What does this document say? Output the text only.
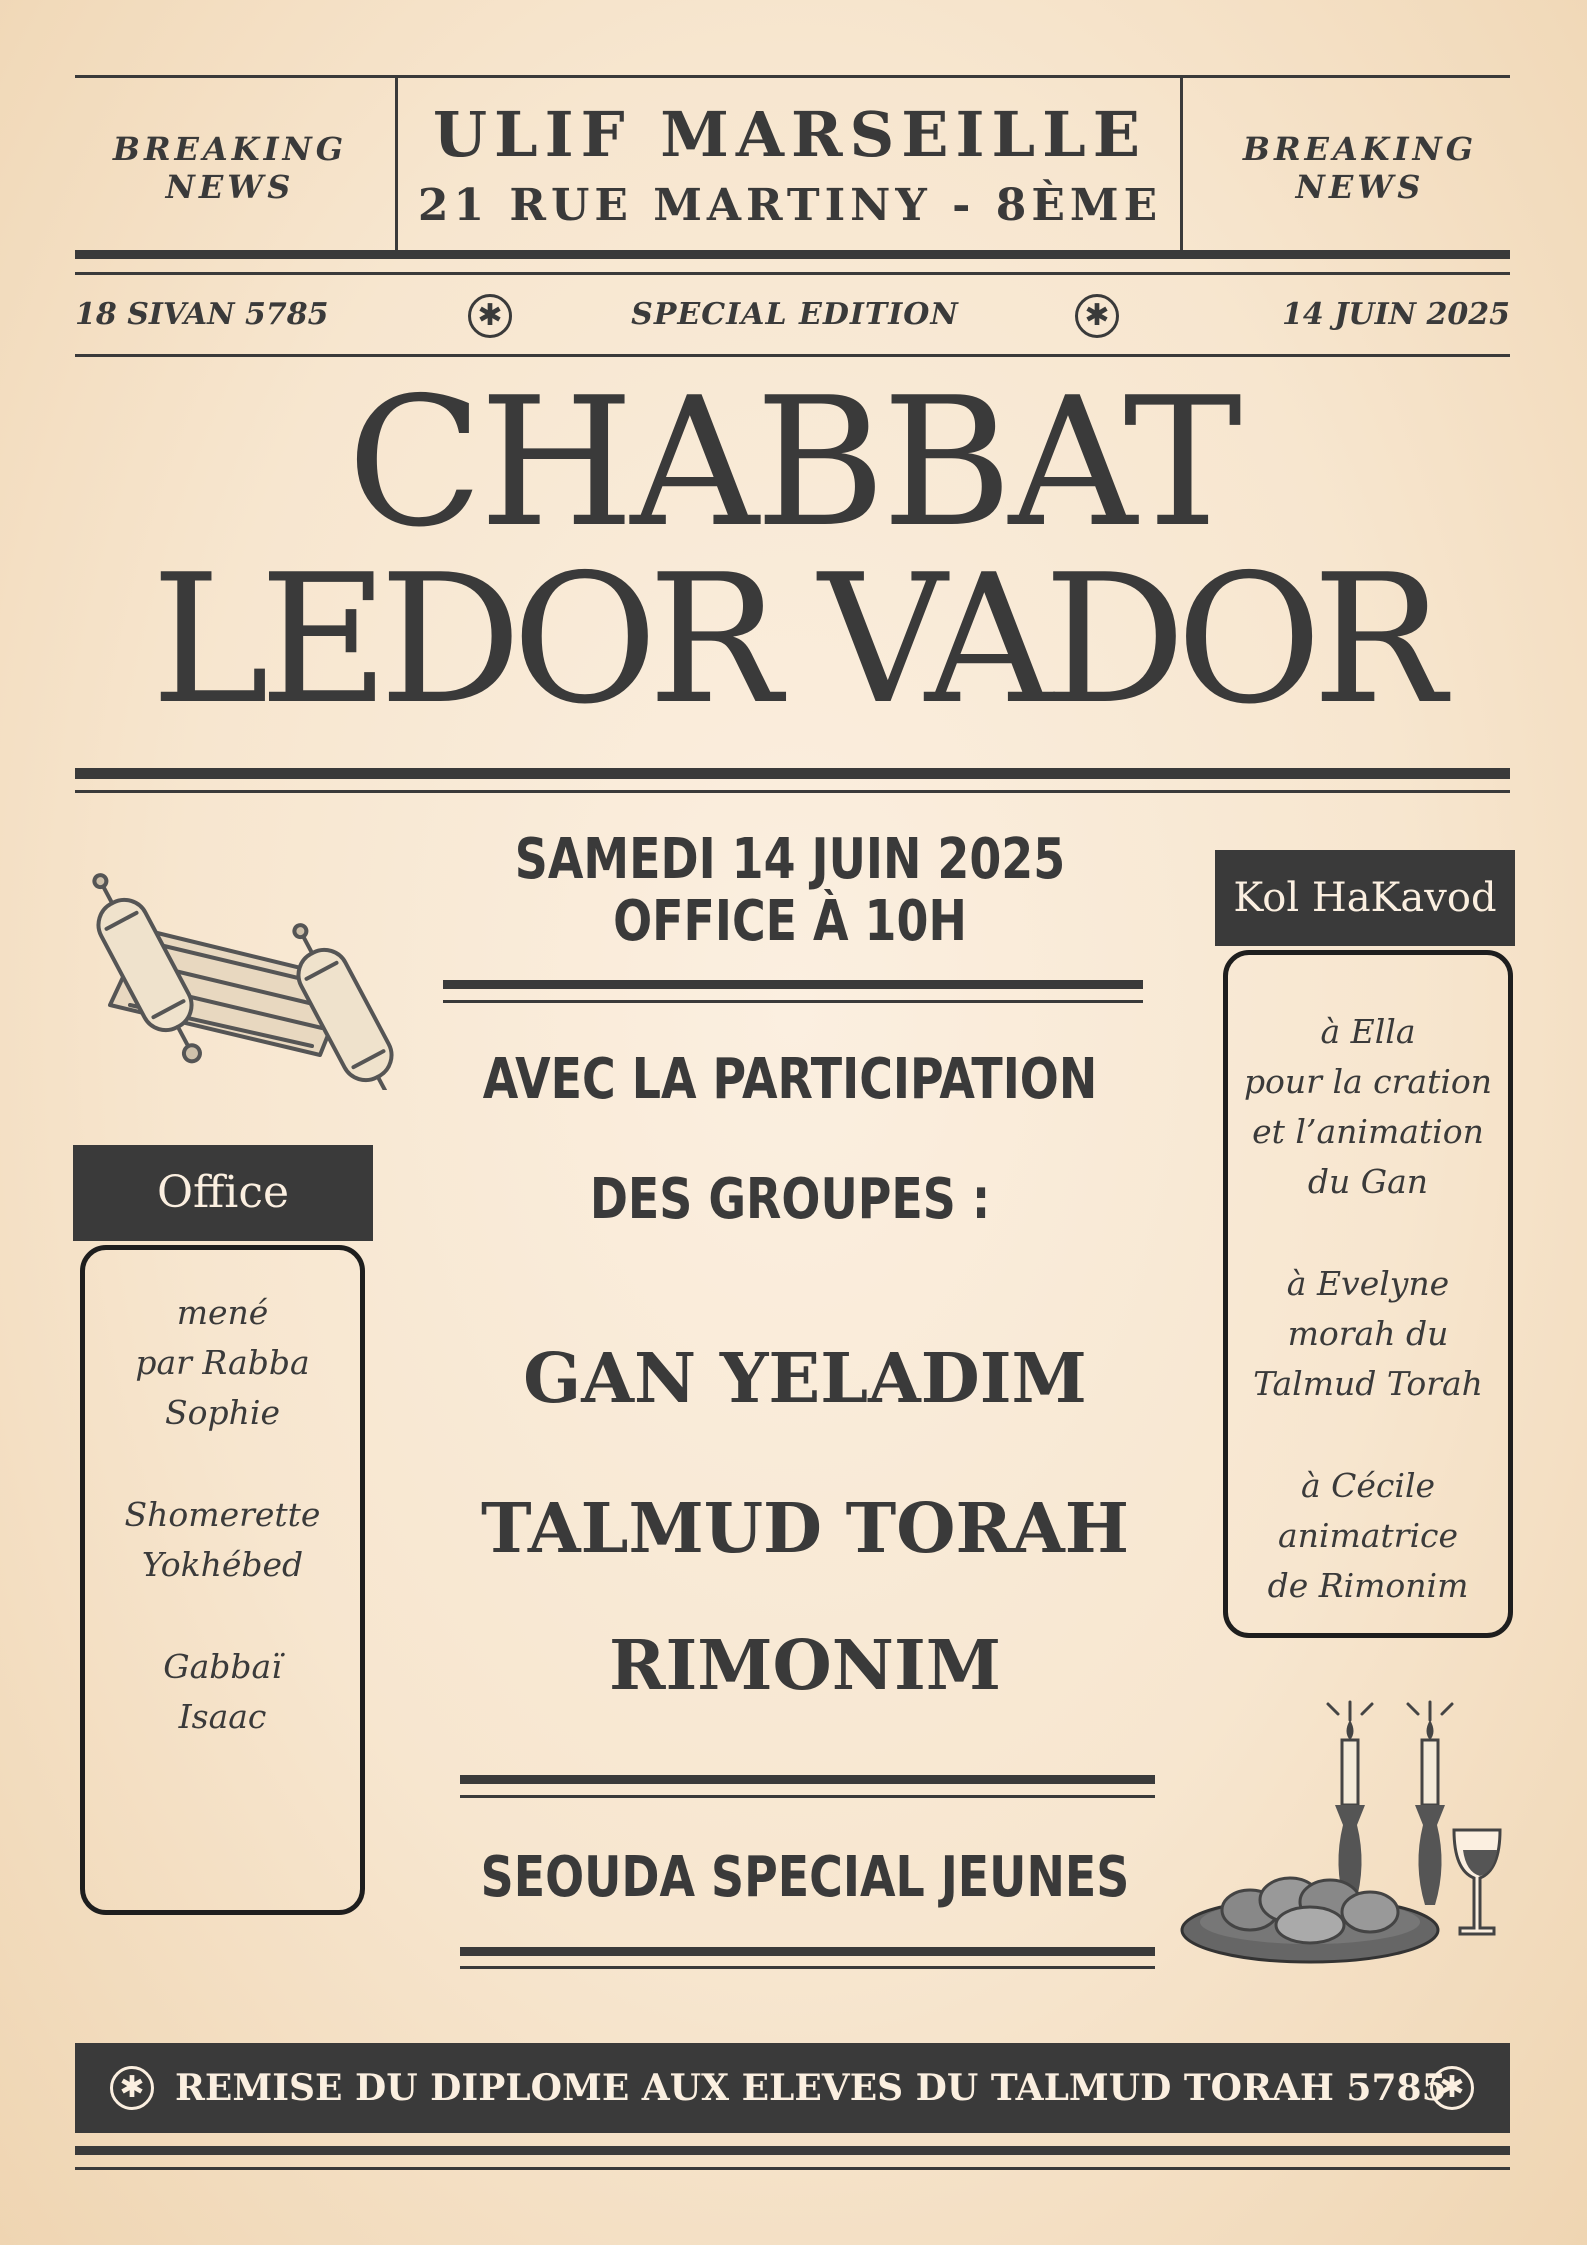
BREAKING NEWS
BREAKING NEWS
ULIF MARSEILLE
21 RUE MARTINY - 8ÈME
18 SIVAN 5785	✱	SPECIAL EDITION	✱	14 JUIN 2025
CHABBAT
LEDOR VADOR
SAMEDI 14 JUIN 2025
OFFICE À 10H
AVEC LA PARTICIPATION
DES GROUPES :
GAN YELADIM
TALMUD TORAH
RIMONIM
SEOUDA SPECIAL JEUNES
Office
mené
par Rabba
Sophie
Shomerette
Yokhébed
Gabbaï
Isaac
Kol HaKavod
à Ella
pour la cration
et l’animation
du Gan
à Evelyne
morah du
Talmud Torah
à Cécile
animatrice
de Rimonim
✱ REMISE DU DIPLOME AUX ELEVES DU TALMUD TORAH 5785
✱
